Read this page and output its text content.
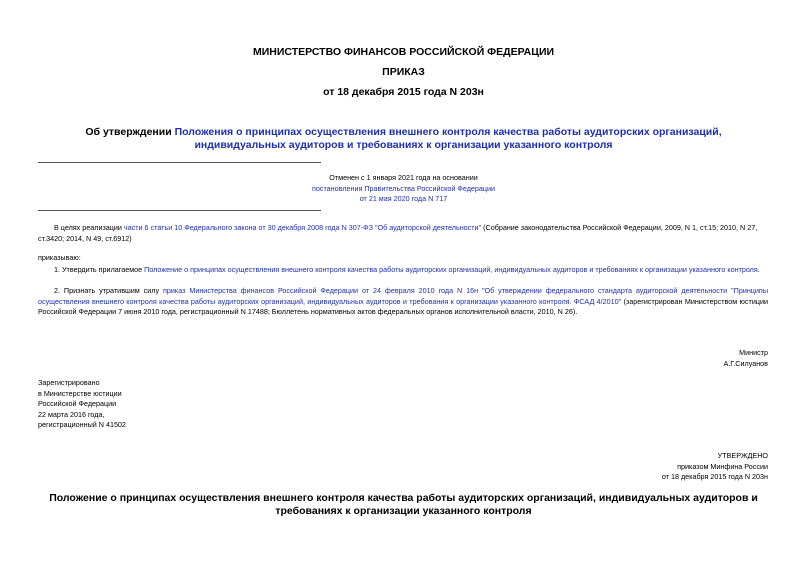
МИНИСТЕРСТВО ФИНАНСОВ РОССИЙСКОЙ ФЕДЕРАЦИИ
ПРИКАЗ
от 18 декабря 2015 года N 203н
Об утверждении Положения о принципах осуществления внешнего контроля качества работы аудиторских организаций, индивидуальных аудиторов и требованиях к организации указанного контроля
Отменен с 1 января 2021 года на основании
постановления Правительства Российской Федерации
от 21 мая 2020 года N 717
В целях реализации части 6 статьи 10 Федерального закона от 30 декабря 2008 года N 307-ФЗ "Об аудиторской деятельности" (Собрание законодательства Российской Федерации, 2009, N 1, ст.15; 2010, N 27, ст.3420; 2014, N 49, ст.6912)
приказываю:
1. Утвердить прилагаемое Положение о принципах осуществления внешнего контроля качества работы аудиторских организаций, индивидуальных аудиторов и требованиях к организации указанного контроля.
2. Признать утратившим силу приказ Министерства финансов Российской Федерации от 24 февраля 2010 года N 16н "Об утверждении федерального стандарта аудиторской деятельности "Принципы осуществления внешнего контроля качества работы аудиторских организаций, индивидуальных аудиторов и требования к организации указанного контроля. ФСАД 4/2010" (зарегистрирован Министерством юстиции Российской Федерации 7 июня 2010 года, регистрационный N 17488; Бюллетень нормативных актов федеральных органов исполнительной власти, 2010, N 26).
Министр
А.Г.Силуанов
Зарегистрировано
в Министерстве юстиции
Российской Федерации
22 марта 2016 года,
регистрационный N 41502
УТВЕРЖДЕНО
приказом Минфина России
от 18 декабря 2015 года N 203н
Положение о принципах осуществления внешнего контроля качества работы аудиторских организаций, индивидуальных аудиторов и требованиях к организации указанного контроля
